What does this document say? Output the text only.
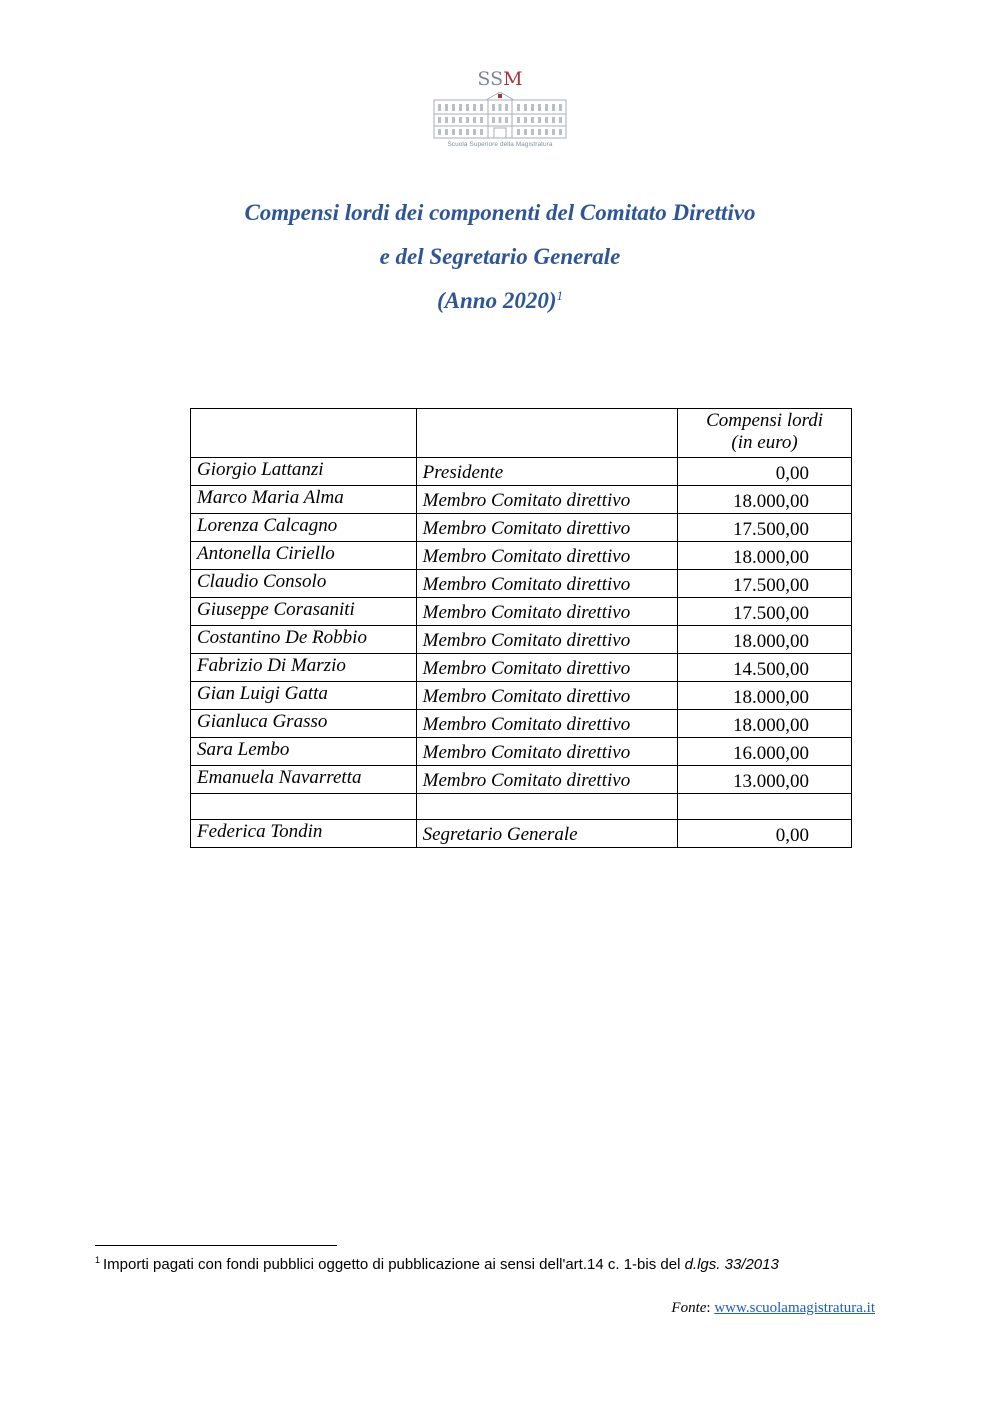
SSM
Scuola Superiore della Magistratura
Compensi lordi dei componenti del Comitato Direttivo
e del Segretario Generale
(Anno 2020)$^1$
		Compensi lordi
(in euro)
Giorgio Lattanzi	Presidente	0,00
Marco Maria Alma	Membro Comitato direttivo	18.000,00
Lorenza Calcagno	Membro Comitato direttivo	17.500,00
Antonella Ciriello	Membro Comitato direttivo	18.000,00
Claudio Consolo	Membro Comitato direttivo	17.500,00
Giuseppe Corasaniti	Membro Comitato direttivo	17.500,00
Costantino De Robbio	Membro Comitato direttivo	18.000,00
Fabrizio Di Marzio	Membro Comitato direttivo	14.500,00
Gian Luigi Gatta	Membro Comitato direttivo	18.000,00
Gianluca Grasso	Membro Comitato direttivo	18.000,00
Sara Lembo	Membro Comitato direttivo	16.000,00
Emanuela Navarretta	Membro Comitato direttivo	13.000,00

Federica Tondin	Segretario Generale	0,00
$^1$ Importi pagati con fondi pubblici oggetto di pubblicazione ai sensi dell'art.14 c. 1-bis del d.lgs. 33/2013
Fonte: www.scuolamagistratura.it
